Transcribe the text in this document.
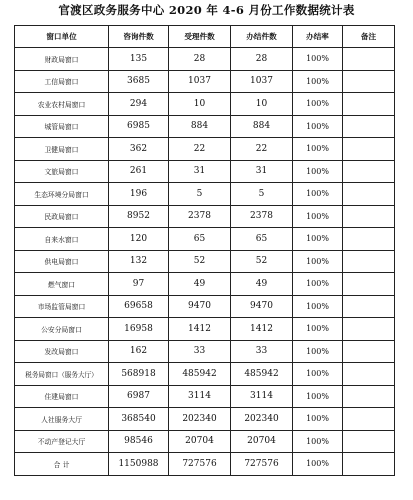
官渡区政务服务中心 2020 年 4-6 月份工作数据统计表
窗口单位	咨询件数	受理件数	办结件数	办结率	备注
财政局窗口	135	28	28	100%	
工信局窗口	3685	1037	1037	100%	
农业农村局窗口	294	10	10	100%	
城管局窗口	6985	884	884	100%	
卫健局窗口	362	22	22	100%	
文旅局窗口	261	31	31	100%	
生态环境分局窗口	196	5	5	100%	
民政局窗口	8952	2378	2378	100%	
自来水窗口	120	65	65	100%	
供电局窗口	132	52	52	100%	
燃气窗口	97	49	49	100%	
市场监管局窗口	69658	9470	9470	100%	
公安分局窗口	16958	1412	1412	100%	
发改局窗口	162	33	33	100%	
税务局窗口（服务大厅）	568918	485942	485942	100%	
住建局窗口	6987	3114	3114	100%	
人社服务大厅	368540	202340	202340	100%	
不动产登记大厅	98546	20704	20704	100%	
合 计	1150988	727576	727576	100%	
